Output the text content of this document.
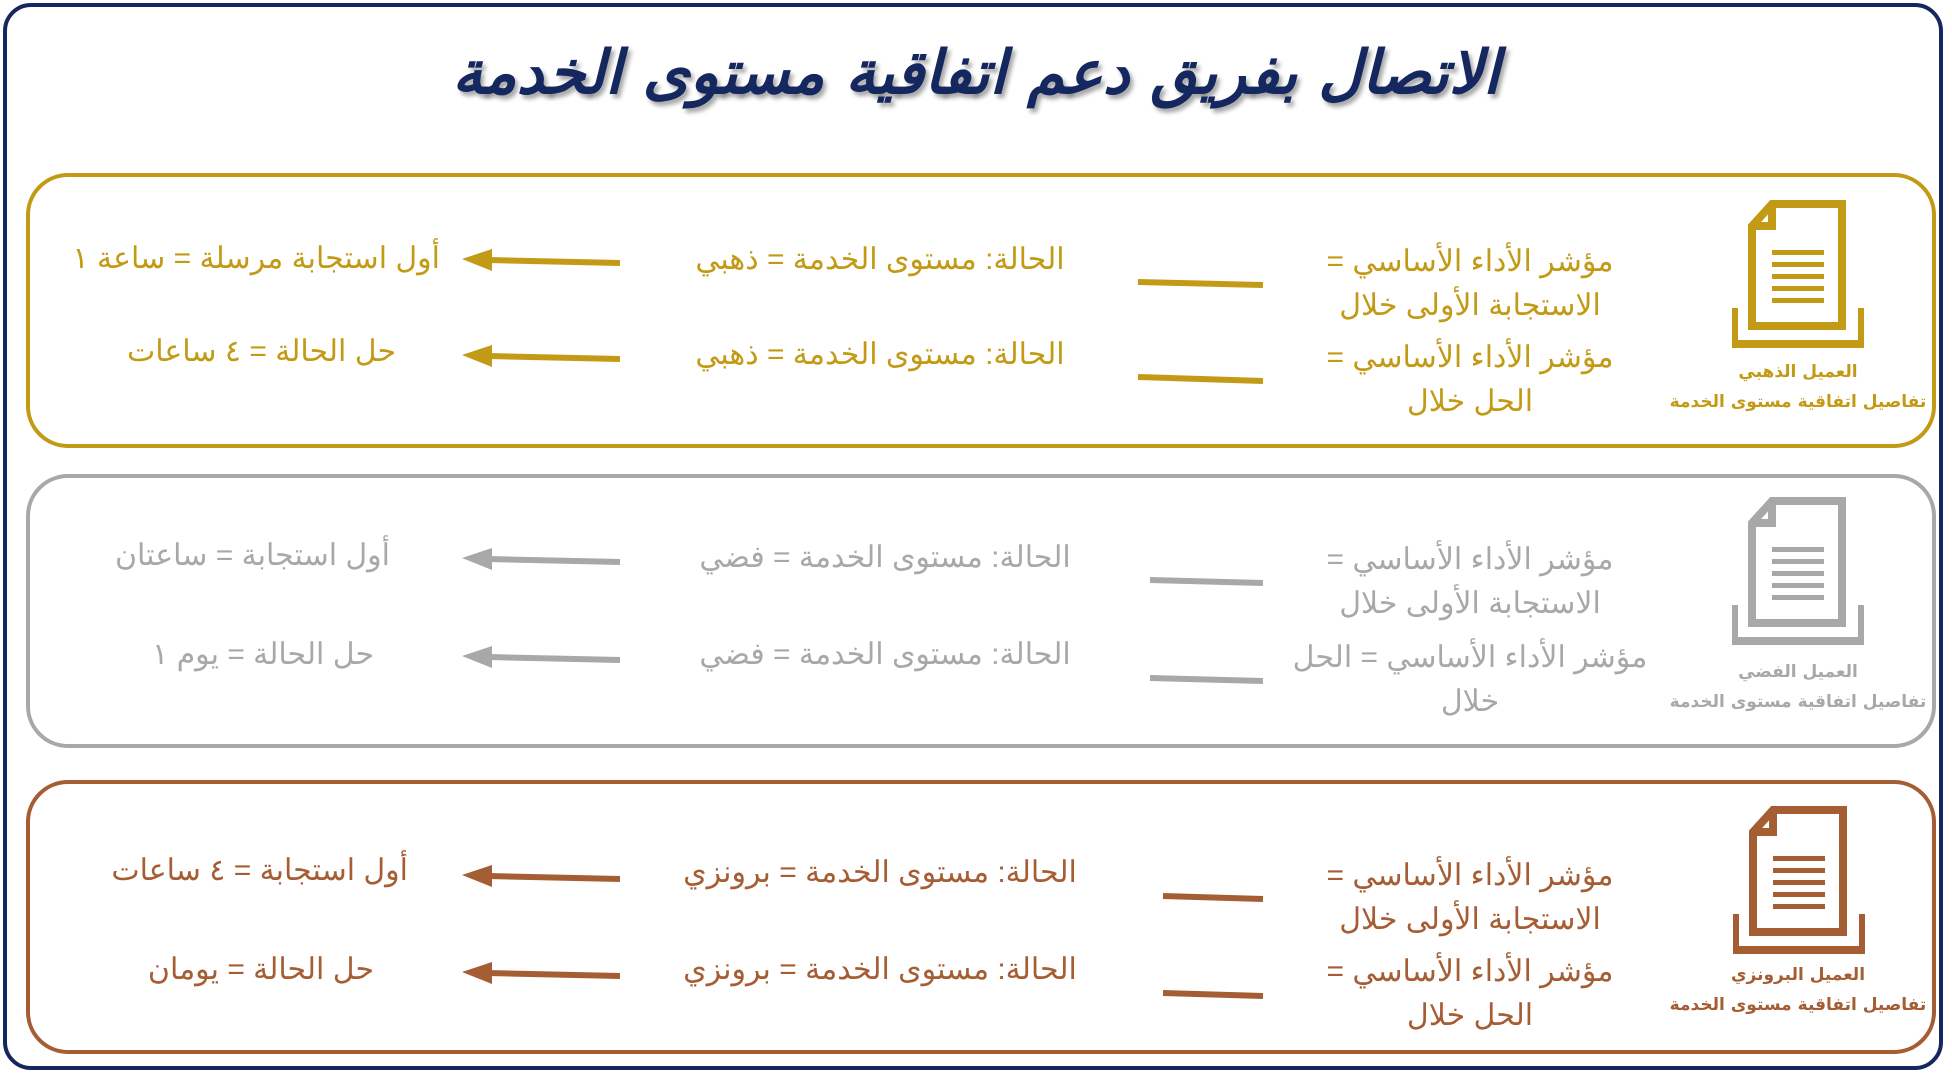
الاتصال بفريق دعم اتفاقية مستوى الخدمة
العميل الذهبي
تفاصيل اتفاقية مستوى الخدمة
مؤشر الأداء الأساسي =
الاستجابة الأولى خلال
مؤشر الأداء الأساسي =
الحل خلال
الحالة: مستوى الخدمة = ذهبي
الحالة: مستوى الخدمة = ذهبي
أول استجابة مرسلة = ساعة ١
حل الحالة = ٤ ساعات
العميل الفضي
تفاصيل اتفاقية مستوى الخدمة
مؤشر الأداء الأساسي =
الاستجابة الأولى خلال
مؤشر الأداء الأساسي = الحل
خلال
الحالة: مستوى الخدمة = فضي
الحالة: مستوى الخدمة = فضي
أول استجابة = ساعتان
حل الحالة = يوم ١
العميل البرونزي
تفاصيل اتفاقية مستوى الخدمة
مؤشر الأداء الأساسي =
الاستجابة الأولى خلال
مؤشر الأداء الأساسي =
الحل خلال
الحالة: مستوى الخدمة = برونزي
الحالة: مستوى الخدمة = برونزي
أول استجابة = ٤ ساعات
حل الحالة = يومان
